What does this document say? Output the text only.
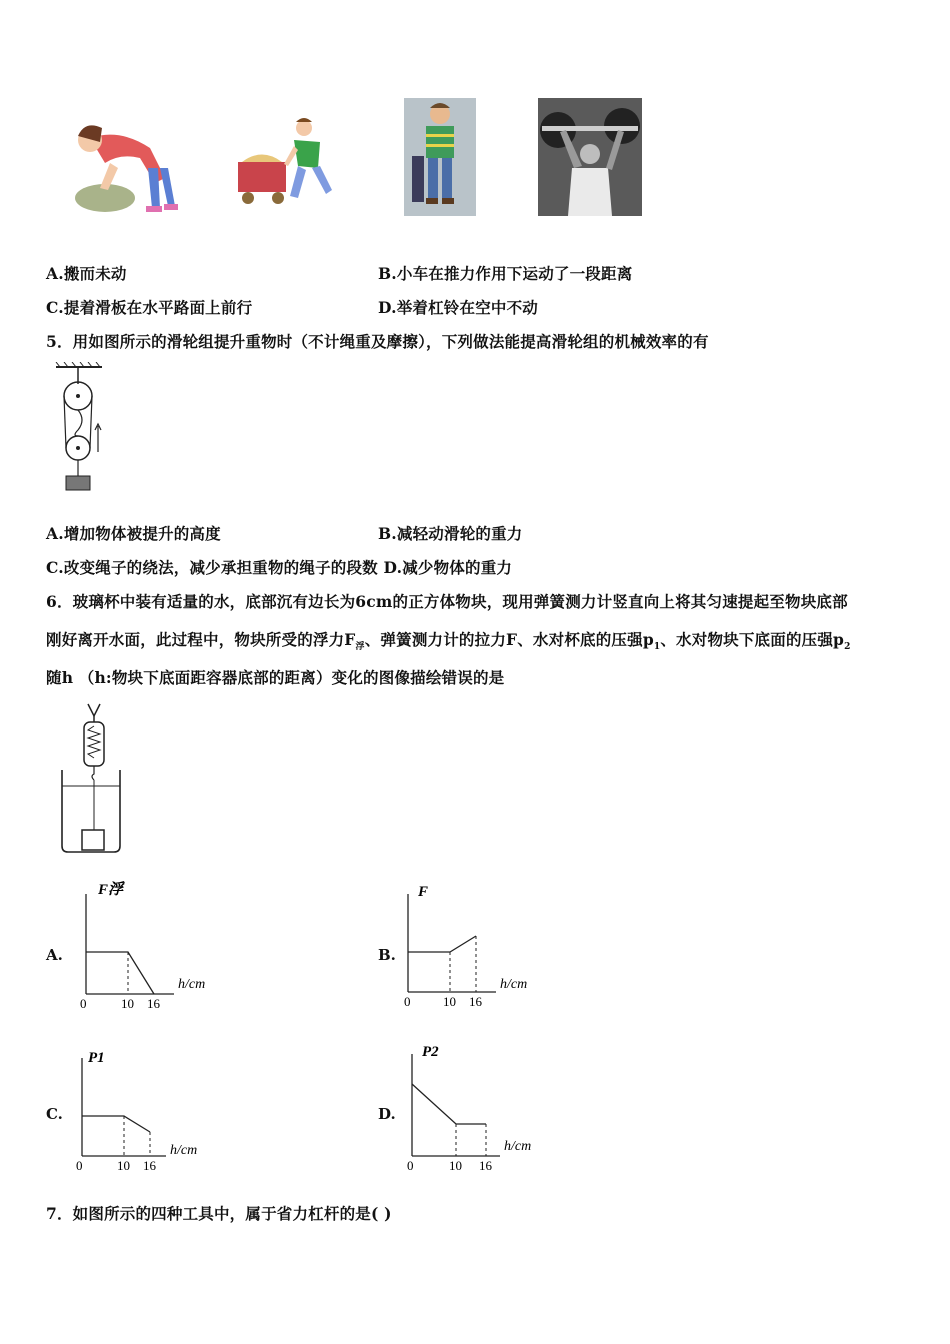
A.搬而未动	B.小车在推力作用下运动了一段距离
C.提着滑板在水平路面上前行	D.举着杠铃在空中不动
5．用如图所示的滑轮组提升重物时（不计绳重及摩擦），下列做法能提高滑轮组的机械效率的有
A.增加物体被提升的高度	B.减轻动滑轮的重力
C.改变绳子的绕法，减少承担重物的绳子的段数 D.减少物体的重力
6．玻璃杯中装有适量的水，底部沉有边长为6cm的正方体物块，现用弹簧测力计竖直向上将其匀速提起至物块底部
刚好离开水面，此过程中，物块所受的浮力$F_浮$、弹簧测力计的拉力F、水对杯底的压强$p_1$、水对物块下底面的压强$p_2$
随h （h:物块下底面距容器底部的距离）变化的图像描绘错误的是
A.
F浮
h/cm
0	10 16
B.
F
h/cm
0	10 16
C.
P1
h/cm
0	10 16
D.
P2
h/cm
0	10 16
7．如图所示的四种工具中，属于省力杠杆的是( )
